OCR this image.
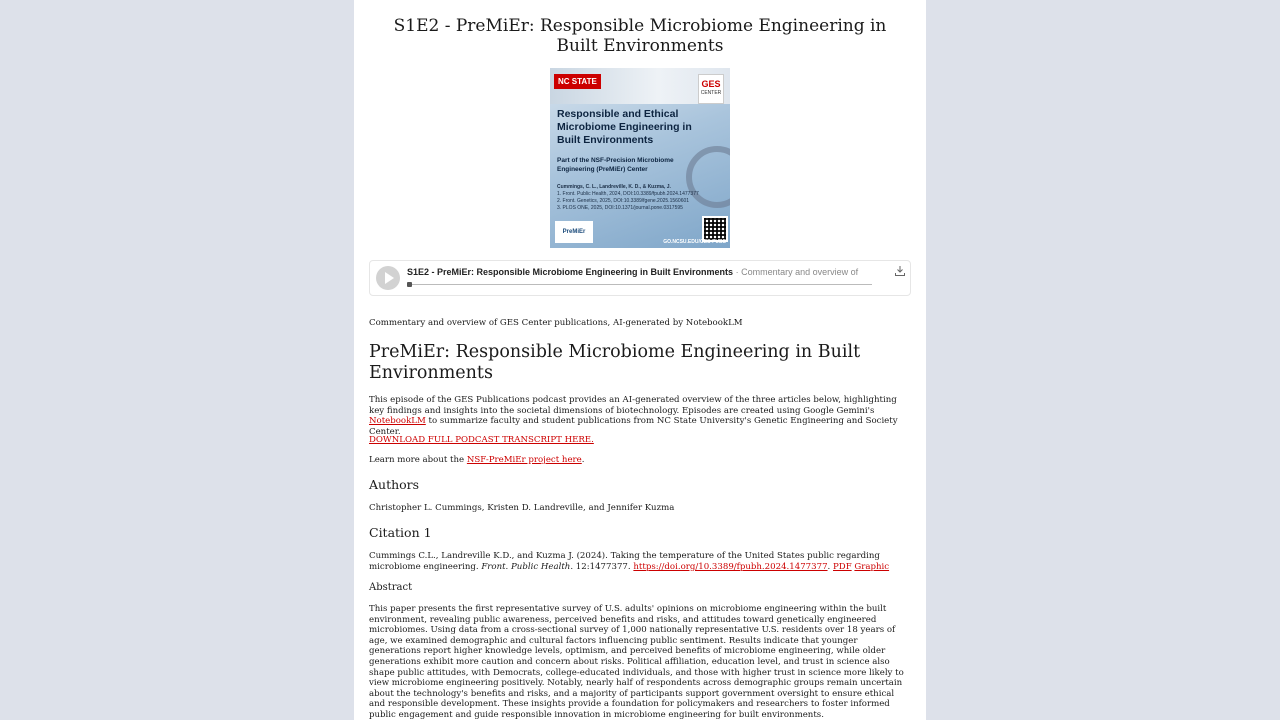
S1E2 - PreMiEr: Responsible Microbiome Engineering in Built Environments
NC STATE	GES
CENTER
Responsible and Ethical Microbiome Engineering in Built Environments
Part of the NSF-Precision Microbiome Engineering (PreMiEr) Center
Cummings, C. L., Landreville, K. D., & Kuzma, J.
1. Front. Public Health, 2024, DOI:10.3389/fpubh.2024.1477377
2. Front. Genetics, 2025, DOI:10.3389/fgene.2025.1560601
3. PLOS ONE, 2025, DOI:10.1371/journal.pone.0317595
PreMiEr
GO.NCSU.EDU/GES-PUBS
S1E2 - PreMiEr: Responsible Microbiome Engineering in Built Environments · Commentary and overview of

Commentary and overview of GES Center publications, AI-generated by NotebookLM

PreMiEr: Responsible Microbiome Engineering in Built Environments

This episode of the GES Publications podcast provides an AI-generated overview of the three articles below, highlighting key findings and insights into the societal dimensions of biotechnology. Episodes are created using Google Gemini's NotebookLM to summarize faculty and student publications from NC State University's Genetic Engineering and Society Center.

DOWNLOAD FULL PODCAST TRANSCRIPT HERE.

Learn more about the NSF-PreMiEr project here.

Authors

Christopher L. Cummings, Kristen D. Landreville, and Jennifer Kuzma

Citation 1

Cummings C.L., Landreville K.D., and Kuzma J. (2024). Taking the temperature of the United States public regarding microbiome engineering. Front. Public Health. 12:1477377. https://doi.org/10.3389/fpubh.2024.1477377. PDF Graphic

Abstract

This paper presents the first representative survey of U.S. adults' opinions on microbiome engineering within the built environment, revealing public awareness, perceived benefits and risks, and attitudes toward genetically engineered microbiomes. Using data from a cross-sectional survey of 1,000 nationally representative U.S. residents over 18 years of age, we examined demographic and cultural factors influencing public sentiment. Results indicate that younger generations report higher knowledge levels, optimism, and perceived benefits of microbiome engineering, while older generations exhibit more caution and concern about risks. Political affiliation, education level, and trust in science also shape public attitudes, with Democrats, college-educated individuals, and those with higher trust in science more likely to view microbiome engineering positively. Notably, nearly half of respondents across demographic groups remain uncertain about the technology's benefits and risks, and a majority of participants support government oversight to ensure ethical and responsible development. These insights provide a foundation for policymakers and researchers to foster informed public engagement and guide responsible innovation in microbiome engineering for built environments.
